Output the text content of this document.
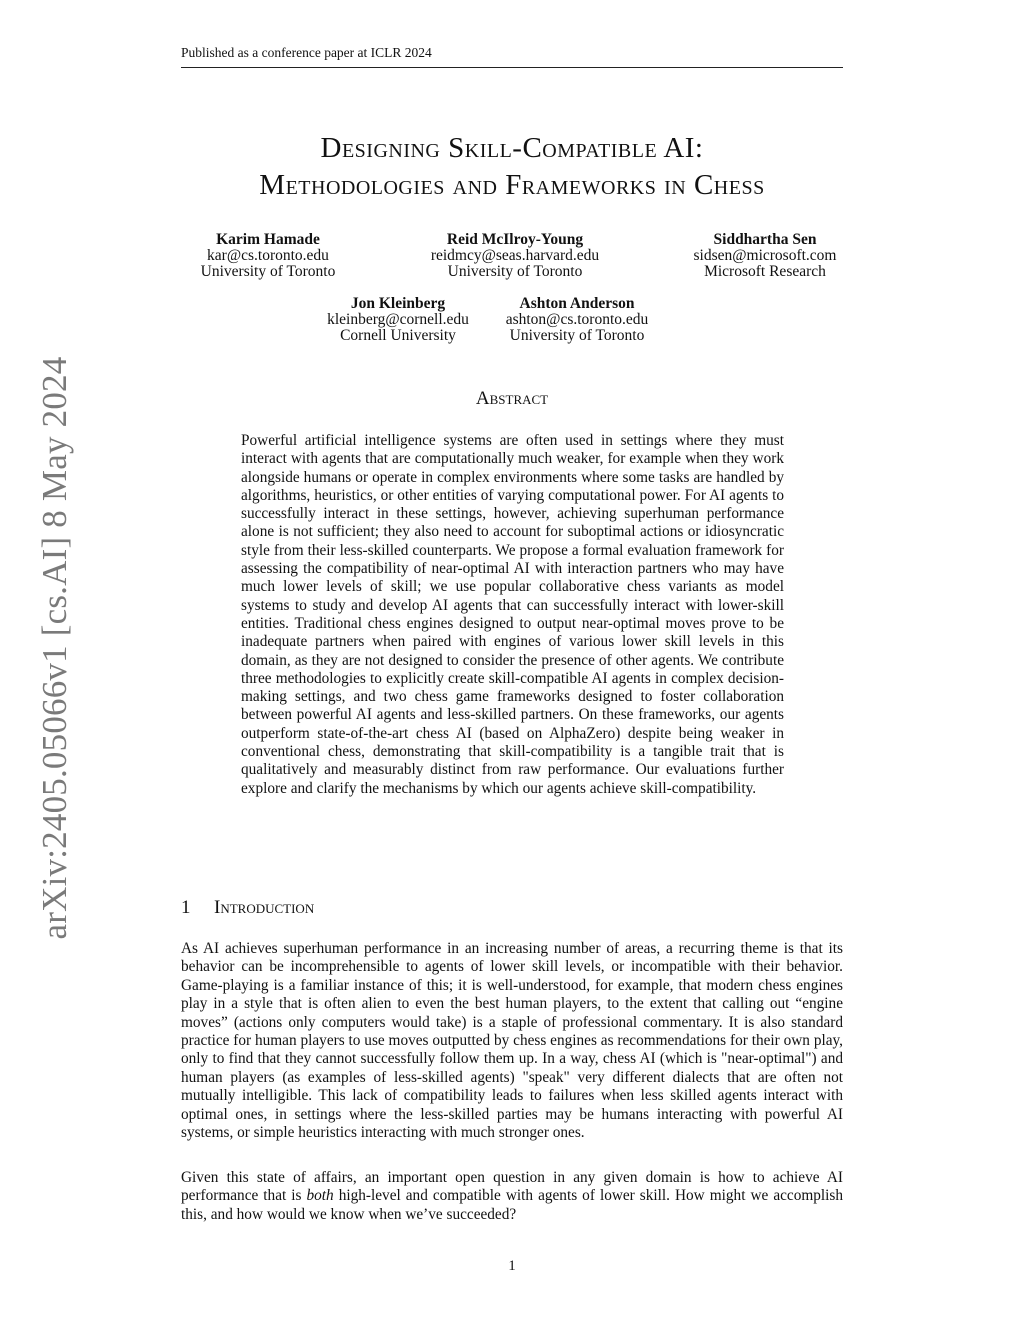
Published as a conference paper at ICLR 2024
arXiv:2405.05066v1 [cs.AI] 8 May 2024
Designing Skill-Compatible AI:
Methodologies and Frameworks in Chess
Karim Hamade
kar@cs.toronto.edu
University of Toronto
Reid McIlroy-Young
reidmcy@seas.harvard.edu
University of Toronto
Siddhartha Sen
sidsen@microsoft.com
Microsoft Research
Jon Kleinberg
kleinberg@cornell.edu
Cornell University
Ashton Anderson
ashton@cs.toronto.edu
University of Toronto
Abstract
Powerful artificial intelligence systems are often used in settings where they must interact with agents that are computationally much weaker, for example when they work alongside humans or operate in complex environments where some tasks are handled by algorithms, heuristics, or other entities of varying computational power. For AI agents to successfully interact in these settings, however, achieving superhuman performance alone is not sufficient; they also need to account for suboptimal actions or idiosyncratic style from their less-skilled counterparts. We propose a formal evaluation framework for assessing the compatibility of near-optimal AI with interaction partners who may have much lower levels of skill; we use popular collaborative chess variants as model systems to study and develop AI agents that can successfully interact with lower-skill entities. Traditional chess engines designed to output near-optimal moves prove to be inadequate partners when paired with engines of various lower skill levels in this domain, as they are not designed to consider the presence of other agents. We contribute three methodologies to explicitly create skill-compatible AI agents in complex decision-making settings, and two chess game frameworks designed to foster collaboration between powerful AI agents and less-skilled partners. On these frameworks, our agents outperform state-of-the-art chess AI (based on AlphaZero) despite being weaker in conventional chess, demonstrating that skill-compatibility is a tangible trait that is qualitatively and measurably distinct from raw performance. Our evaluations further explore and clarify the mechanisms by which our agents achieve skill-compatibility.
1 Introduction
As AI achieves superhuman performance in an increasing number of areas, a recurring theme is that its behavior can be incomprehensible to agents of lower skill levels, or incompatible with their behavior. Game-playing is a familiar instance of this; it is well-understood, for example, that modern chess engines play in a style that is often alien to even the best human players, to the extent that calling out “engine moves” (actions only computers would take) is a staple of professional commentary. It is also standard practice for human players to use moves outputted by chess engines as recommendations for their own play, only to find that they cannot successfully follow them up. In a way, chess AI (which is "near-optimal") and human players (as examples of less-skilled agents) "speak" very different dialects that are often not mutually intelligible. This lack of compatibility leads to failures when less skilled agents interact with optimal ones, in settings where the less-skilled parties may be humans interacting with powerful AI systems, or simple heuristics interacting with much stronger ones.
Given this state of affairs, an important open question in any given domain is how to achieve AI performance that is both high-level and compatible with agents of lower skill. How might we accomplish this, and how would we know when we’ve succeeded?
1
